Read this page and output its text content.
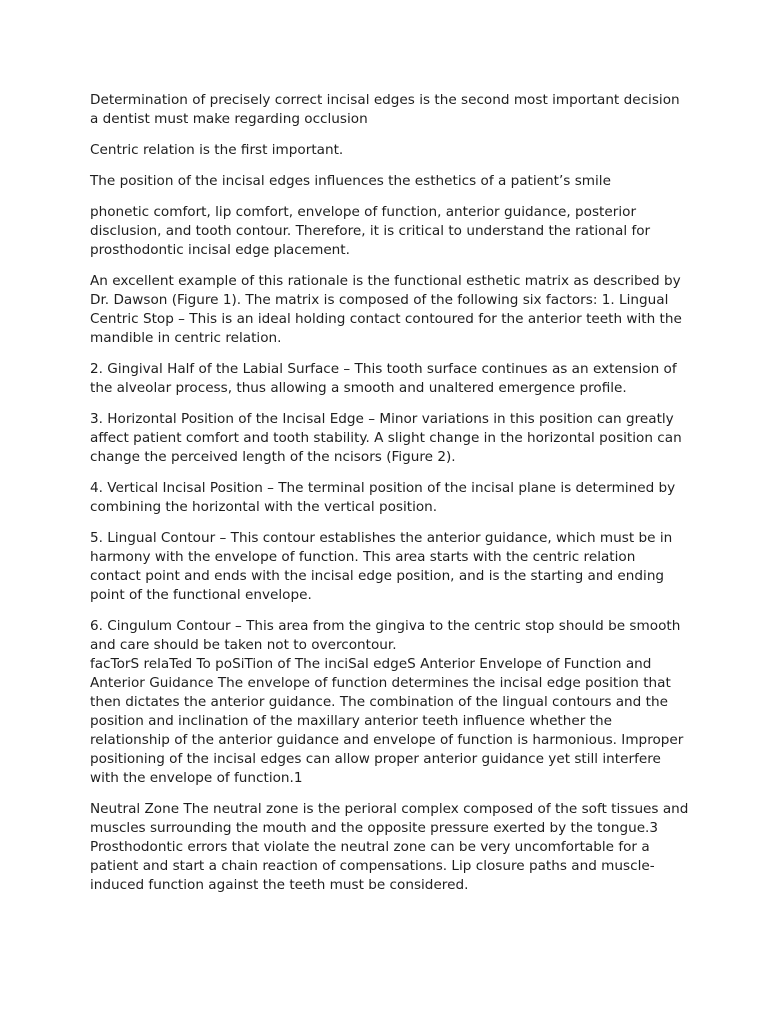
Determination of precisely correct incisal edges is the second most important decision a dentist must make regarding occlusion

Centric relation is the first important.

The position of the incisal edges influences the esthetics of a patient’s smile

phonetic comfort, lip comfort, envelope of function, anterior guidance, posterior disclusion, and tooth contour. Therefore, it is critical to understand the rational for prosthodontic incisal edge placement.

An excellent example of this rationale is the functional esthetic matrix as described by Dr. Dawson (Figure 1). The matrix is composed of the following six factors: 1. Lingual Centric Stop – This is an ideal holding contact contoured for the anterior teeth with the mandible in centric relation.

2. Gingival Half of the Labial Surface – This tooth surface continues as an extension of the alveolar process, thus allowing a smooth and unaltered emergence profile.

3. Horizontal Position of the Incisal Edge – Minor variations in this position can greatly affect patient comfort and tooth stability. A slight change in the horizontal position can change the perceived length of the ncisors (Figure 2).

4. Vertical Incisal Position – The terminal position of the incisal plane is determined by combining the horizontal with the vertical position.

5. Lingual Contour – This contour establishes the anterior guidance, which must be in harmony with the envelope of function. This area starts with the centric relation contact point and ends with the incisal edge position, and is the starting and ending point of the functional envelope.

6. Cingulum Contour – This area from the gingiva to the centric stop should be smooth and care should be taken not to overcontour.

facTorS relaTed To poSiTion of The inciSal edgeS Anterior Envelope of Function and Anterior Guidance The envelope of function determines the incisal edge position that then dictates the anterior guidance. The combination of the lingual contours and the position and inclination of the maxillary anterior teeth influence whether the relationship of the anterior guidance and envelope of function is harmonious. Improper positioning of the incisal edges can allow proper anterior guidance yet still interfere with the envelope of function.1

Neutral Zone The neutral zone is the perioral complex composed of the soft tissues and muscles surrounding the mouth and the opposite pressure exerted by the tongue.3 Prosthodontic errors that violate the neutral zone can be very uncomfortable for a patient and start a chain reaction of compensations. Lip closure paths and muscle-induced function against the teeth must be considered.
